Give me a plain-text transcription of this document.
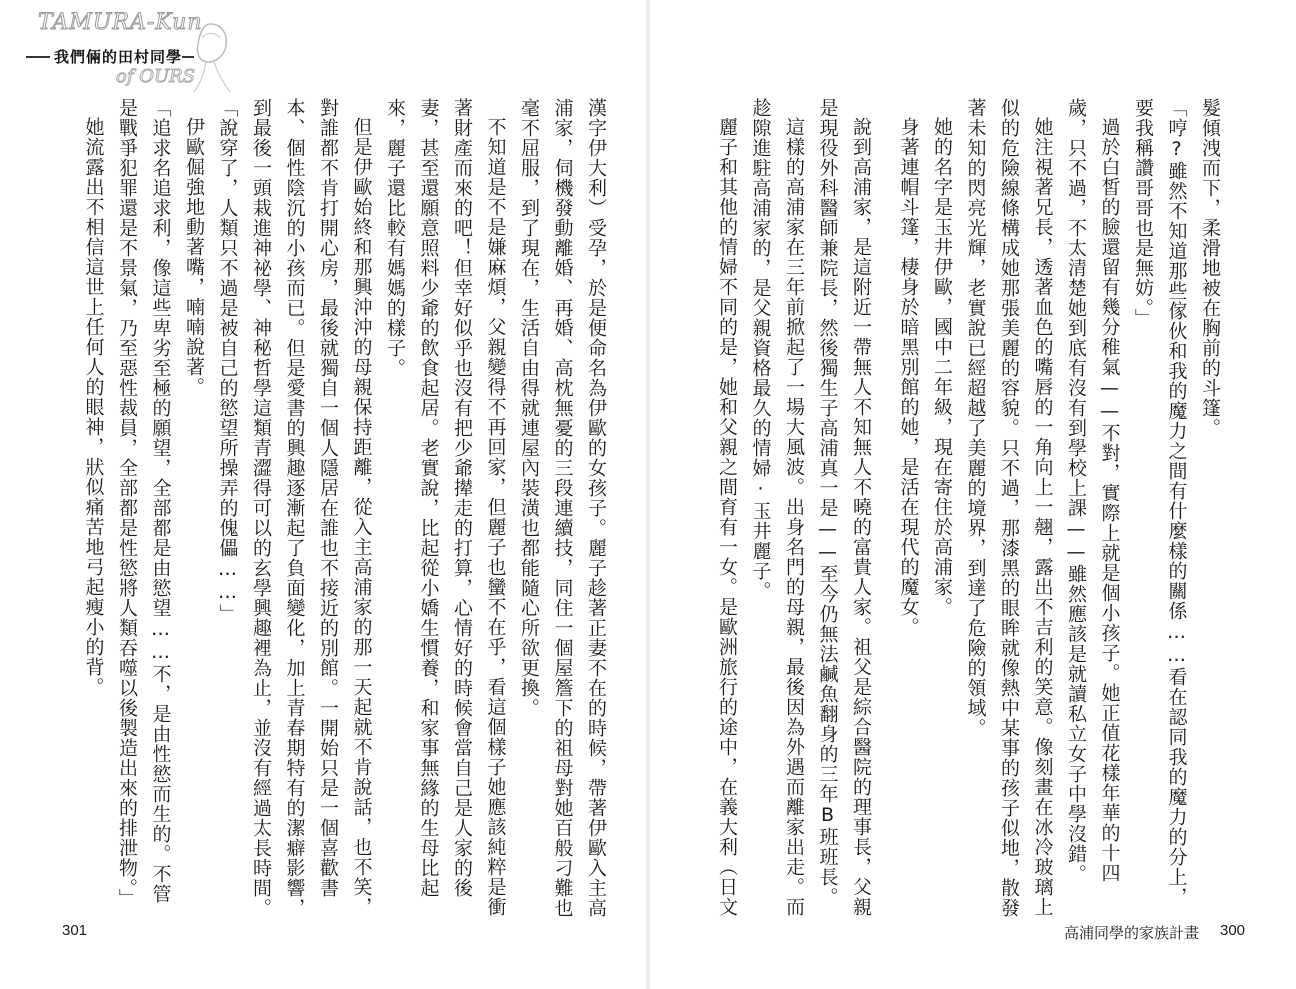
TAMURA-Kun
我們倆的田村同學
of OURS

漢字伊大利）受孕，於是便命名為伊歐的女孩子。麗子趁著正妻不在的時候，帶著伊歐入主高浦家，伺機發動離婚、再婚、高枕無憂的三段連續技，同住一個屋簷下的祖母對她百般刁難也毫不屈服，到了現在，生活自由得就連屋內裝潢也都能隨心所欲更換。

不知道是不是嫌麻煩，父親變得不再回家，但麗子也蠻不在乎，看這個樣子她應該純粹是衝著財產而來的吧！但幸好似乎也沒有把少爺撵走的打算，心情好的時候會當自己是人家的後妻，甚至還願意照料少爺的飲食起居。老實說，比起從小嬌生慣養，和家事無緣的生母比起來，麗子還比較有媽媽的樣子。

但是伊歐始終和那興沖沖的母親保持距離，從入主高浦家的那一天起就不肯說話，也不笑，對誰都不肯打開心房，最後就獨自一個人隱居在誰也不接近的別館。一開始只是一個喜歡書本、個性陰沉的小孩而已。但是愛書的興趣逐漸起了負面變化，加上青春期特有的潔癖影響，到最後一頭栽進神祕學、神秘哲學這類青澀得可以的玄學興趣裡為止，並沒有經過太長時間。

「說穿了，人類只不過是被自己的慾望所操弄的傀儡……」

伊歐倔強地動著嘴，喃喃說著。

「追求名追求利，像這些卑劣至極的願望，全部都是由慾望……不，是由性慾而生的。不管是戰爭犯罪還是不景氣，乃至惡性裁員，全部都是性慾將人類吞噬以後製造出來的排泄物。」

她流露出不相信這世上任何人的眼神，狀似痛苦地弓起瘦小的背。

301

髮傾洩而下，柔滑地被在胸前的斗篷。

「哼?雖然不知道那些傢伙和我的魔力之間有什麼樣的關係……看在認同我的魔力的分上，要我稱讚哥哥也是無妨。」

過於白皙的臉還留有幾分稚氣——不對，實際上就是個小孩子。她正值花樣年華的十四歲，只不過，不太清楚她到底有沒有到學校上課——雖然應該是就讀私立女子中學沒錯。

她注視著兄長，透著血色的嘴唇的一角向上一翹，露出不吉利的笑意。像刻畫在冰冷玻璃上似的危險線條構成她那張美麗的容貌。只不過，那漆黑的眼眸就像熱中某事的孩子似地，散發著未知的閃亮光輝，老實說已經超越了美麗的境界，到達了危險的領域。

她的名字是玉井伊歐，國中二年級，現在寄住於高浦家。

身著連帽斗篷，棲身於暗黑別館的她，是活在現代的魔女。

說到高浦家，是這附近一帶無人不知無人不曉的富貴人家。祖父是綜合醫院的理事長，父親是現役外科醫師兼院長，然後獨生子高浦真一是——至今仍無法鹹魚翻身的三年B班班長。

這樣的高浦家在三年前掀起了一場大風波。出身名門的母親，最後因為外遇而離家出走。而趁隙進駐高浦家的，是父親資格最久的情婦·玉井麗子。

麗子和其他的情婦不同的是，她和父親之間育有一女。是歐洲旅行的途中，在義大利（日文

高浦同學的家族計畫 300
